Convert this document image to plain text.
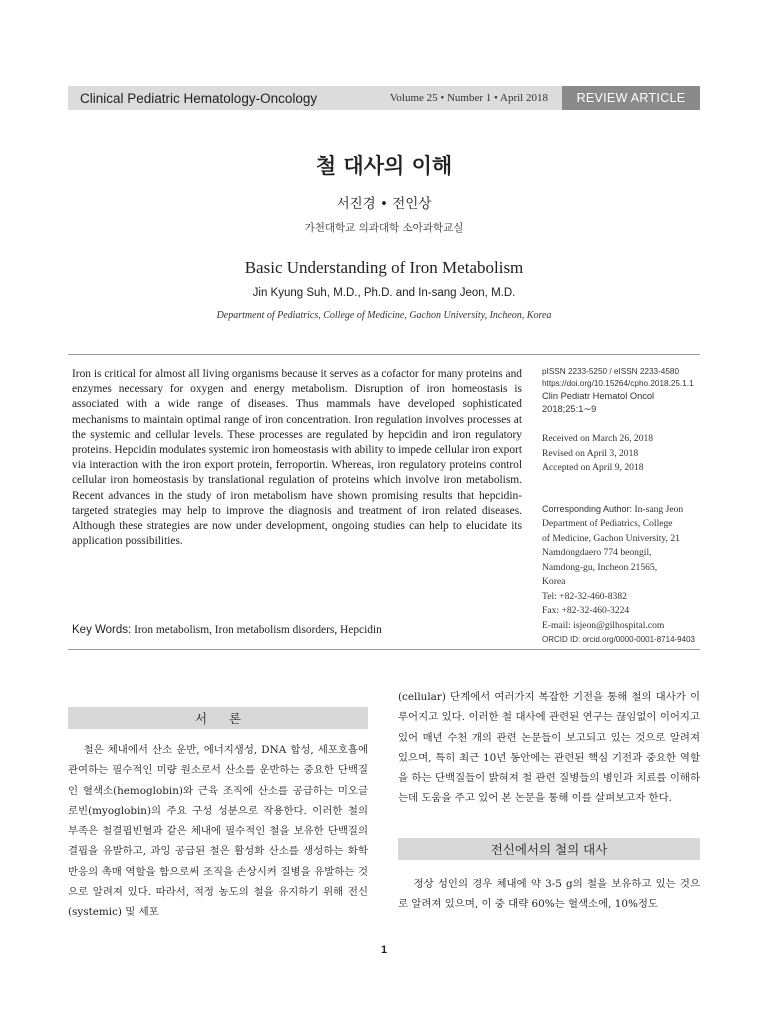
Clinical Pediatric Hematology-Oncology	Volume 25 • Number 1 • April 2018	REVIEW ARTICLE
철 대사의 이해
서진경 • 전인상
가천대학교 의과대학 소아과학교실
Basic Understanding of Iron Metabolism
Jin Kyung Suh, M.D., Ph.D. and In-sang Jeon, M.D.
Department of Pediatrics, College of Medicine, Gachon University, Incheon, Korea
Iron is critical for almost all living organisms because it serves as a cofactor for many proteins and enzymes necessary for oxygen and energy metabolism. Disruption of iron homeostasis is associated with a wide range of diseases. Thus mammals have developed sophisticated mechanisms to maintain optimal range of iron concentration. Iron regulation involves processes at the systemic and cellular levels. These processes are regulated by hepcidin and iron regulatory proteins. Hepcidin modulates systemic iron homeostasis with ability to impede cellular iron export via interaction with the iron export protein, ferroportin. Whereas, iron regulatory proteins control cellular iron homeostasis by translational regulation of proteins which involve iron metabolism. Recent advances in the study of iron metabolism have shown promising results that hepcidin-targeted strategies may help to improve the diagnosis and treatment of iron related diseases. Although these strategies are now under development, ongoing studies can help to elucidate its application possibilities.
pISSN 2233-5250 / eISSN 2233-4580
https://doi.org/10.15264/cpho.2018.25.1.1
Clin Pediatr Hematol Oncol
2018;25:1∼9
Received on March 26, 2018
Revised on April 3, 2018
Accepted on April 9, 2018
Corresponding Author: In-sang Jeon
Department of Pediatrics, College
of Medicine, Gachon University, 21
Namdongdaero 774 beongil,
Namdong-gu, Incheon 21565,
Korea
Tel: +82-32-460-8382
Fax: +82-32-460-3224
E-mail: isjeon@gilhospital.com
ORCID ID: orcid.org/0000-0001-8714-9403
Key Words: Iron metabolism, Iron metabolism disorders, Hepcidin
서 론

철은 체내에서 산소 운반, 에너지생성, DNA 합성, 세포호흡에 관여하는 필수적인 미량 원소로서 산소를 운반하는 중요한 단백질인 혈색소(hemoglobin)와 근육 조직에 산소를 공급하는 미오글로빈(myoglobin)의 주요 구성 성분으로 작용한다. 이러한 철의 부족은 철결핍빈혈과 같은 체내에 필수적인 철을 보유한 단백질의 결핍을 유발하고, 과잉 공급된 철은 활성화 산소를 생성하는 화학반응의 촉매 역할을 함으로써 조직을 손상시켜 질병을 유발하는 것으로 알려져 있다. 따라서, 적정 농도의 철을 유지하기 위해 전신(systemic) 및 세포

(cellular) 단계에서 여러가지 복잡한 기전을 통해 철의 대사가 이루어지고 있다. 이러한 철 대사에 관련된 연구는 끊임없이 이어지고 있어 매년 수천 개의 관련 논문들이 보고되고 있는 것으로 알려져 있으며, 특히 최근 10년 동안에는 관련된 핵심 기전과 중요한 역할을 하는 단백질들이 밝혀져 철 관련 질병들의 병인과 치료를 이해하는데 도움을 주고 있어 본 논문을 통해 이를 살펴보고자 한다.

전신에서의 철의 대사

정상 성인의 경우 체내에 약 3-5 g의 철을 보유하고 있는 것으로 알려져 있으며, 이 중 대략 60%는 혈색소에, 10%정도

1
